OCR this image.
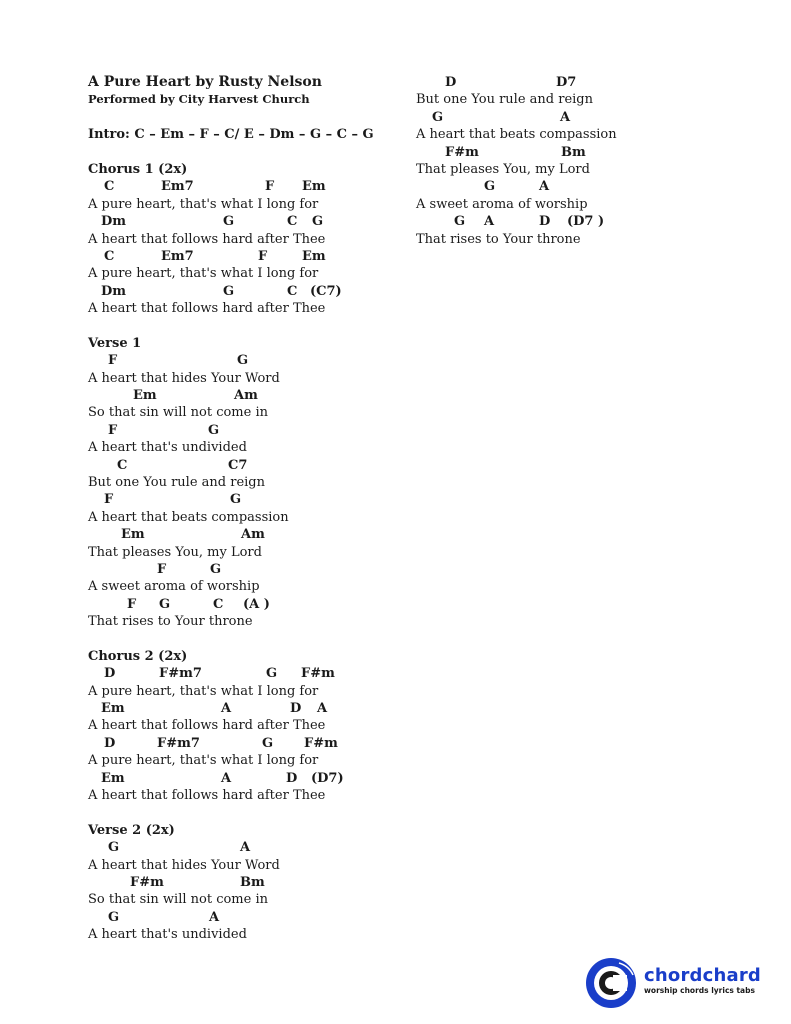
A Pure Heart by Rusty Nelson
Performed by City Harvest Church
Intro: C – Em – F – C/ E – Dm – G – C – G
Chorus 1 (2x)
C	Em7	F Em
A pure heart, that's what I long for
Dm	G	C G
A heart that follows hard after Thee
C	Em7	F	Em
A pure heart, that's what I long for
Dm	G	C (C7)
A heart that follows hard after Thee
Verse 1
F	G
A heart that hides Your Word
Em	Am
So that sin will not come in
F	G
A heart that's undivided
C	C7
But one You rule and reign
F	G
A heart that beats compassion
Em	Am
That pleases You, my Lord
F	G
A sweet aroma of worship
F G	C (A )
That rises to Your throne
Chorus 2 (2x)
D	F#m7	G F#m
A pure heart, that's what I long for
Em	A	D A
A heart that follows hard after Thee
D	F#m7	G F#m
A pure heart, that's what I long for
Em	A	D (D7)
A heart that follows hard after Thee
Verse 2 (2x)
G	A
A heart that hides Your Word
F#m	Bm
So that sin will not come in
G	A
A heart that's undivided
D	D7
But one You rule and reign
G	A
A heart that beats compassion
F#m	Bm
That pleases You, my Lord
G	A
A sweet aroma of worship
G A	D (D7 )
That rises to Your throne
chordchard
worship chords lyrics tabs
